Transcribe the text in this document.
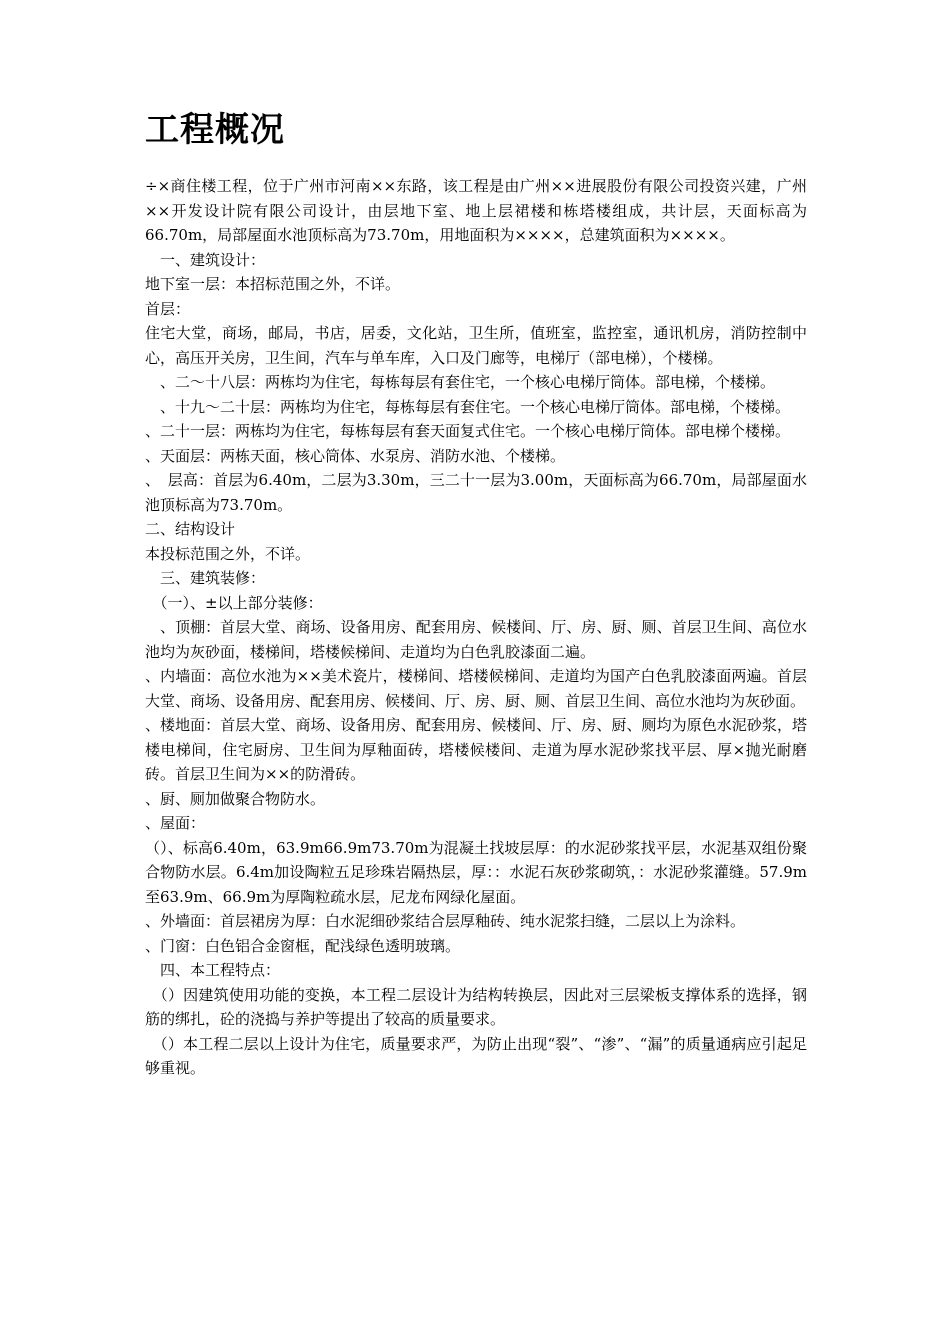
工程概况

÷×商住楼工程，位于广州市河南××东路，该工程是由广州××进展股份有限公司投资兴建，广州××开发设计院有限公司设计，由层地下室、地上层裙楼和栋塔楼组成，共计层，天面标高为66.70m，局部屋面水池顶标高为73.70m，用地面积为××××，总建筑面积为××××。

　一、建筑设计：

地下室一层：本招标范围之外，不详。

首层：

住宅大堂，商场，邮局，书店，居委，文化站，卫生所，值班室，监控室，通讯机房，消防控制中心，高压开关房，卫生间，汽车与单车库，入口及门廊等，电梯厅（部电梯），个楼梯。

　、二～十八层：两栋均为住宅，每栋每层有套住宅，一个核心电梯厅筒体。部电梯，个楼梯。

　、十九～二十层：两栋均为住宅，每栋每层有套住宅。一个核心电梯厅筒体。部电梯，个楼梯。

、二十一层：两栋均为住宅，每栋每层有套天面复式住宅。一个核心电梯厅筒体。部电梯个楼梯。

、天面层：两栋天面，核心筒体、水泵房、消防水池、个楼梯。

、　层高：首层为6.40m，二层为3.30m，三二十一层为3.00m，天面标高为66.70m，局部屋面水池顶标高为73.70m。

二、结构设计

本投标范围之外，不详。

　三、建筑装修：

　（一）、±以上部分装修：

　、顶棚：首层大堂、商场、设备用房、配套用房、候楼间、厅、房、厨、厕、首层卫生间、高位水池均为灰砂面，楼梯间，塔楼候梯间、走道均为白色乳胶漆面二遍。

、内墙面：高位水池为××美术瓷片，楼梯间、塔楼候梯间、走道均为国产白色乳胶漆面两遍。首层大堂、商场、设备用房、配套用房、候楼间、厅、房、厨、厕、首层卫生间、高位水池均为灰砂面。

、楼地面：首层大堂、商场、设备用房、配套用房、候楼间、厅、房、厨、厕均为原色水泥砂浆，塔楼电梯间，住宅厨房、卫生间为厚釉面砖，塔楼候楼间、走道为厚水泥砂浆找平层、厚×抛光耐磨砖。首层卫生间为××的防滑砖。

、厨、厕加做聚合物防水。

、屋面：

（）、标高6.40m，63.9m66.9m73.70m为混凝土找坡层厚：的水泥砂浆找平层，水泥基双组份聚合物防水层。6.4m加设陶粒五足珍珠岩隔热层，厚：：水泥石灰砂浆砌筑，：水泥砂浆灌缝。57.9m至63.9m、66.9m为厚陶粒疏水层，尼龙布网绿化屋面。

、外墙面：首层裙房为厚：白水泥细砂浆结合层厚釉砖、纯水泥浆扫缝，二层以上为涂料。

、门窗：白色铝合金窗框，配浅绿色透明玻璃。

　四、本工程特点：

　（）因建筑使用功能的变换，本工程二层设计为结构转换层，因此对三层梁板支撑体系的选择，钢筋的绑扎，砼的浇捣与养护等提出了较高的质量要求。

　（）本工程二层以上设计为住宅，质量要求严，为防止出现“裂”、“渗”、“漏”的质量通病应引起足够重视。
